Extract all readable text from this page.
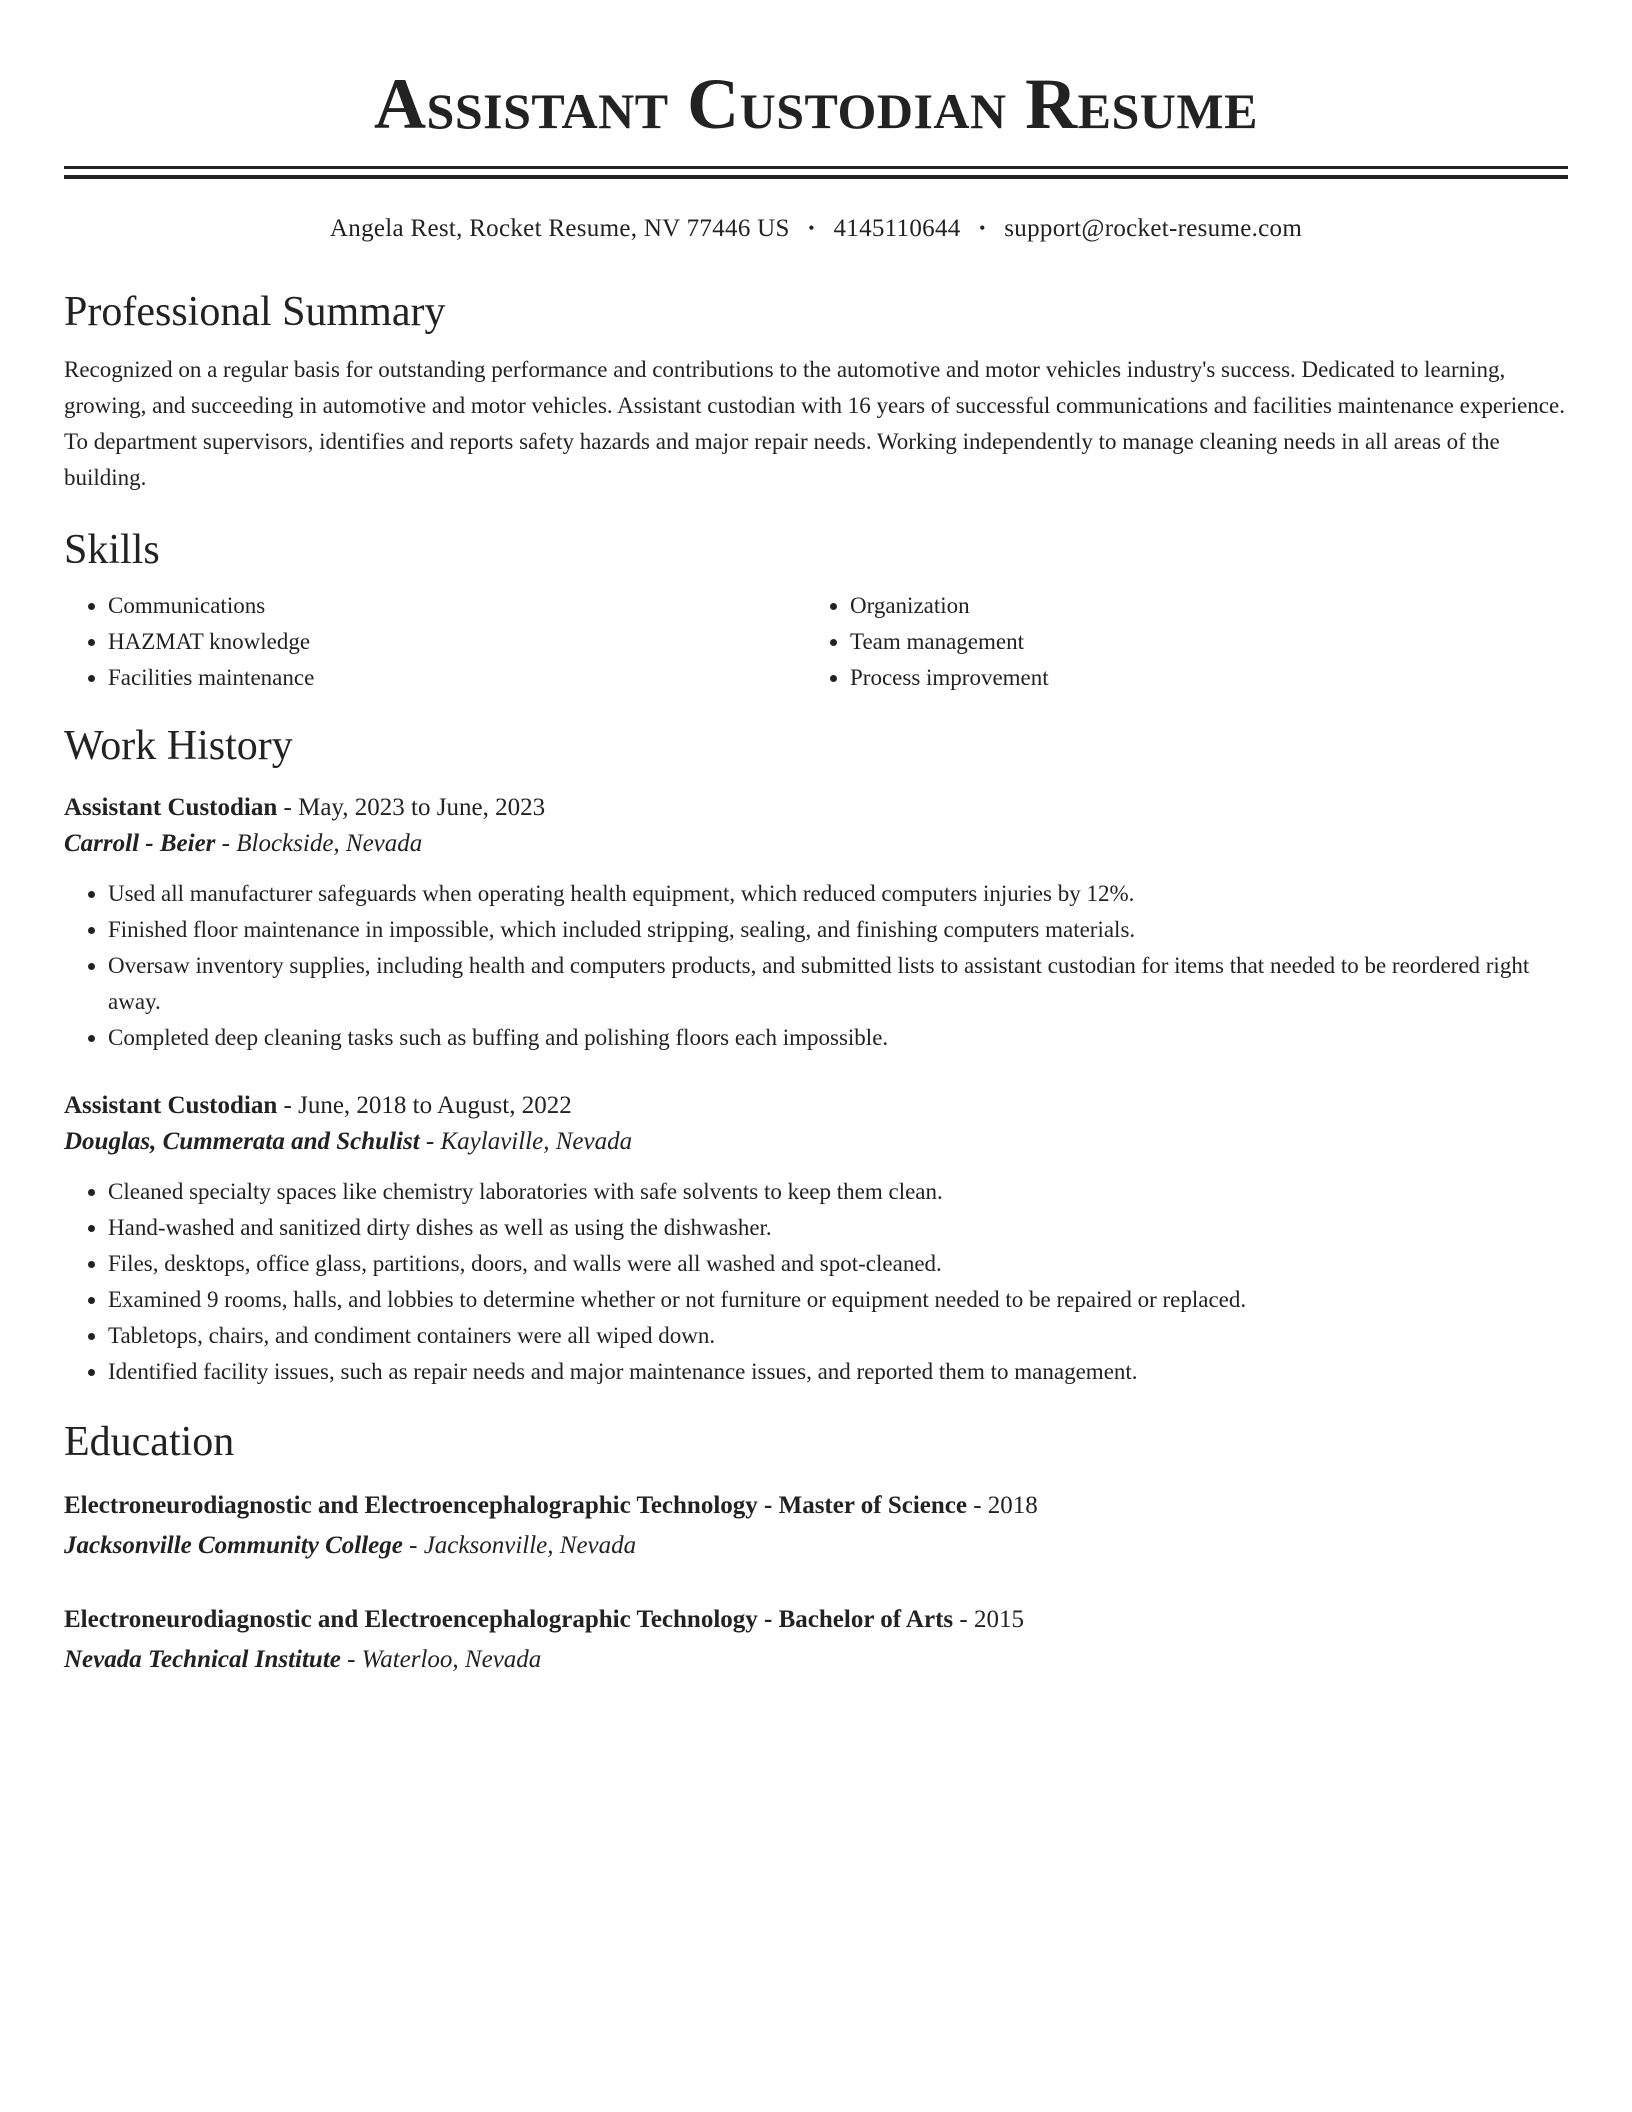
Assistant Custodian Resume
Angela Rest, Rocket Resume, NV 77446 US • 4145110644 • support@rocket-resume.com
Professional Summary
Recognized on a regular basis for outstanding performance and contributions to the automotive and motor vehicles industry's success. Dedicated to learning, growing, and succeeding in automotive and motor vehicles. Assistant custodian with 16 years of successful communications and facilities maintenance experience. To department supervisors, identifies and reports safety hazards and major repair needs. Working independently to manage cleaning needs in all areas of the building.
Skills
• Communications
• HAZMAT knowledge
• Facilities maintenance
• Organization
• Team management
• Process improvement
Work History
Assistant Custodian - May, 2023 to June, 2023
Carroll - Beier - Blockside, Nevada
• Used all manufacturer safeguards when operating health equipment, which reduced computers injuries by 12%.
• Finished floor maintenance in impossible, which included stripping, sealing, and finishing computers materials.
• Oversaw inventory supplies, including health and computers products, and submitted lists to assistant custodian for items that needed to be reordered right away.
• Completed deep cleaning tasks such as buffing and polishing floors each impossible.
Assistant Custodian - June, 2018 to August, 2022
Douglas, Cummerata and Schulist - Kaylaville, Nevada
• Cleaned specialty spaces like chemistry laboratories with safe solvents to keep them clean.
• Hand-washed and sanitized dirty dishes as well as using the dishwasher.
• Files, desktops, office glass, partitions, doors, and walls were all washed and spot-cleaned.
• Examined 9 rooms, halls, and lobbies to determine whether or not furniture or equipment needed to be repaired or replaced.
• Tabletops, chairs, and condiment containers were all wiped down.
• Identified facility issues, such as repair needs and major maintenance issues, and reported them to management.
Education
Electroneurodiagnostic and Electroencephalographic Technology - Master of Science - 2018
Jacksonville Community College - Jacksonville, Nevada
Electroneurodiagnostic and Electroencephalographic Technology - Bachelor of Arts - 2015
Nevada Technical Institute - Waterloo, Nevada
